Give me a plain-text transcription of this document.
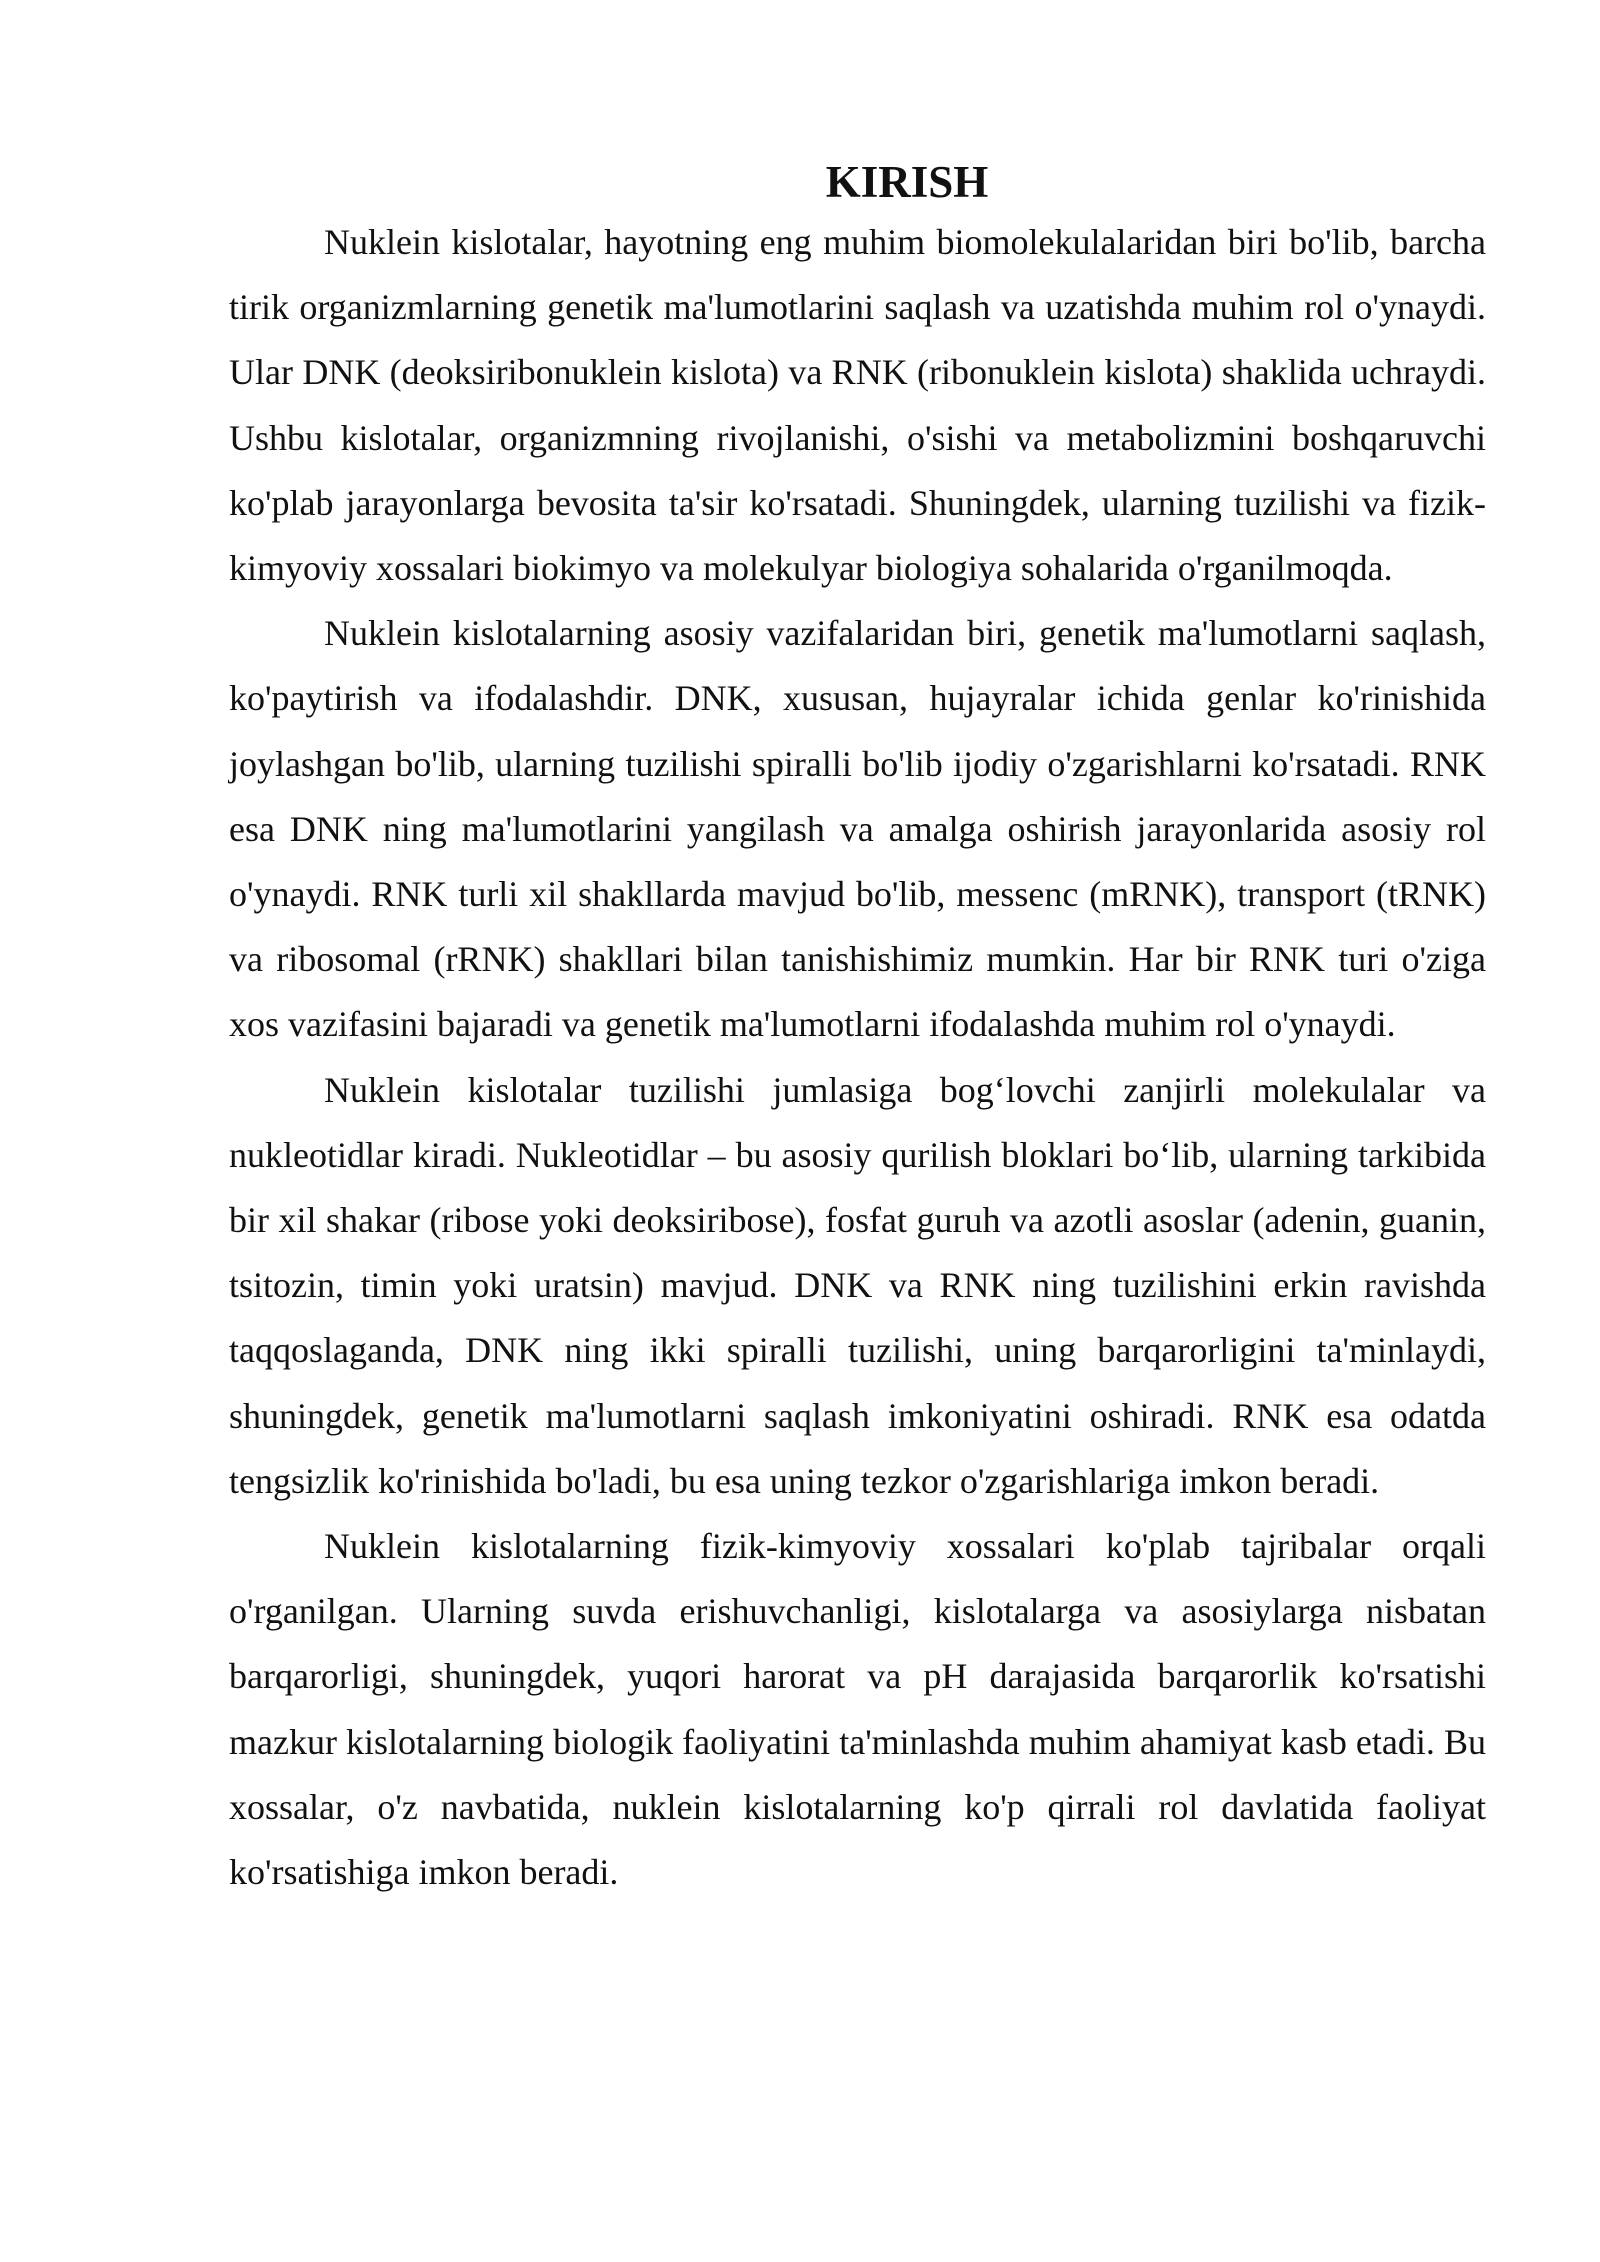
KIRISH

Nuklein kislotalar, hayotning eng muhim biomolekulalaridan biri bo'lib, barcha tirik organizmlarning genetik ma'lumotlarini saqlash va uzatishda muhim rol o'ynaydi. Ular DNK (deoksiribonuklein kislota) va RNK (ribonuklein kislota) shaklida uchraydi. Ushbu kislotalar, organizmning rivojlanishi, o'sishi va metabolizmini boshqaruvchi ko'plab jarayonlarga bevosita ta'sir ko'rsatadi. Shuningdek, ularning tuzilishi va fizik-kimyoviy xossalari biokimyo va molekulyar biologiya sohalarida o'rganilmoqda.

Nuklein kislotalarning asosiy vazifalaridan biri, genetik ma'lumotlarni saqlash, ko'paytirish va ifodalashdir. DNK, xususan, hujayralar ichida genlar ko'rinishida joylashgan bo'lib, ularning tuzilishi spiralli bo'lib ijodiy o'zgarishlarni ko'rsatadi. RNK esa DNK ning ma'lumotlarini yangilash va amalga oshirish jarayonlarida asosiy rol o'ynaydi. RNK turli xil shakllarda mavjud bo'lib, messenc (mRNK), transport (tRNK) va ribosomal (rRNK) shakllari bilan tanishishimiz mumkin. Har bir RNK turi o'ziga xos vazifasini bajaradi va genetik ma'lumotlarni ifodalashda muhim rol o'ynaydi.

Nuklein kislotalar tuzilishi jumlasiga bog‘lovchi zanjirli molekulalar va nukleotidlar kiradi. Nukleotidlar – bu asosiy qurilish bloklari bo‘lib, ularning tarkibida bir xil shakar (ribose yoki deoksiribose), fosfat guruh va azotli asoslar (adenin, guanin, tsitozin, timin yoki uratsin) mavjud. DNK va RNK ning tuzilishini erkin ravishda taqqoslaganda, DNK ning ikki spiralli tuzilishi, uning barqarorligini ta'minlaydi, shuningdek, genetik ma'lumotlarni saqlash imkoniyatini oshiradi. RNK esa odatda tengsizlik ko'rinishida bo'ladi, bu esa uning tezkor o'zgarishlariga imkon beradi.

Nuklein kislotalarning fizik-kimyoviy xossalari ko'plab tajribalar orqali o'rganilgan. Ularning suvda erishuvchanligi, kislotalarga va asosiylarga nisbatan barqarorligi, shuningdek, yuqori harorat va pH darajasida barqarorlik ko'rsatishi mazkur kislotalarning biologik faoliyatini ta'minlashda muhim ahamiyat kasb etadi. Bu xossalar, o'z navbatida, nuklein kislotalarning ko'p qirrali rol davlatida faoliyat ko'rsatishiga imkon beradi.
